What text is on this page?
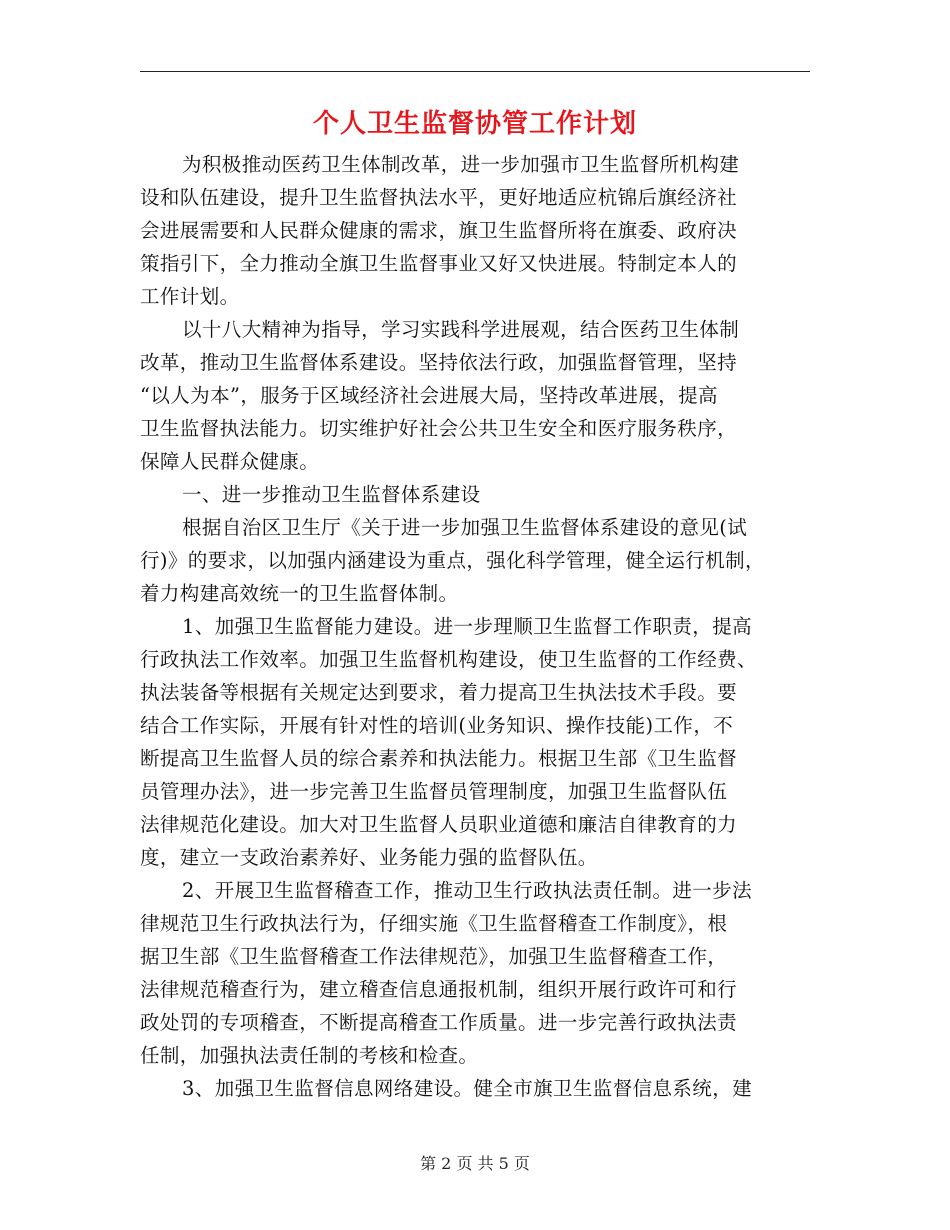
个人卫生监督协管工作计划
为积极推动医药卫生体制改革，进一步加强市卫生监督所机构建
设和队伍建设，提升卫生监督执法水平，更好地适应杭锦后旗经济社
会进展需要和人民群众健康的需求，旗卫生监督所将在旗委、政府决
策指引下，全力推动全旗卫生监督事业又好又快进展。特制定本人的
工作计划。
以十八大精神为指导，学习实践科学进展观，结合医药卫生体制
改革，推动卫生监督体系建设。坚持依法行政，加强监督管理，坚持
“以人为本”，服务于区域经济社会进展大局，坚持改革进展，提高
卫生监督执法能力。切实维护好社会公共卫生安全和医疗服务秩序，
保障人民群众健康。
一、进一步推动卫生监督体系建设
根据自治区卫生厅《关于进一步加强卫生监督体系建设的意见(试
行)》的要求，以加强内涵建设为重点，强化科学管理，健全运行机制，
着力构建高效统一的卫生监督体制。
1、加强卫生监督能力建设。进一步理顺卫生监督工作职责，提高
行政执法工作效率。加强卫生监督机构建设，使卫生监督的工作经费、
执法装备等根据有关规定达到要求，着力提高卫生执法技术手段。要
结合工作实际，开展有针对性的培训(业务知识、操作技能)工作，不
断提高卫生监督人员的综合素养和执法能力。根据卫生部《卫生监督
员管理办法》，进一步完善卫生监督员管理制度，加强卫生监督队伍
法律规范化建设。加大对卫生监督人员职业道德和廉洁自律教育的力
度，建立一支政治素养好、业务能力强的监督队伍。
2、开展卫生监督稽查工作，推动卫生行政执法责任制。进一步法
律规范卫生行政执法行为，仔细实施《卫生监督稽查工作制度》，根
据卫生部《卫生监督稽查工作法律规范》，加强卫生监督稽查工作，
法律规范稽查行为，建立稽查信息通报机制，组织开展行政许可和行
政处罚的专项稽查，不断提高稽查工作质量。进一步完善行政执法责
任制，加强执法责任制的考核和检查。
3、加强卫生监督信息网络建设。健全市旗卫生监督信息系统，建
第 2 页 共 5 页
